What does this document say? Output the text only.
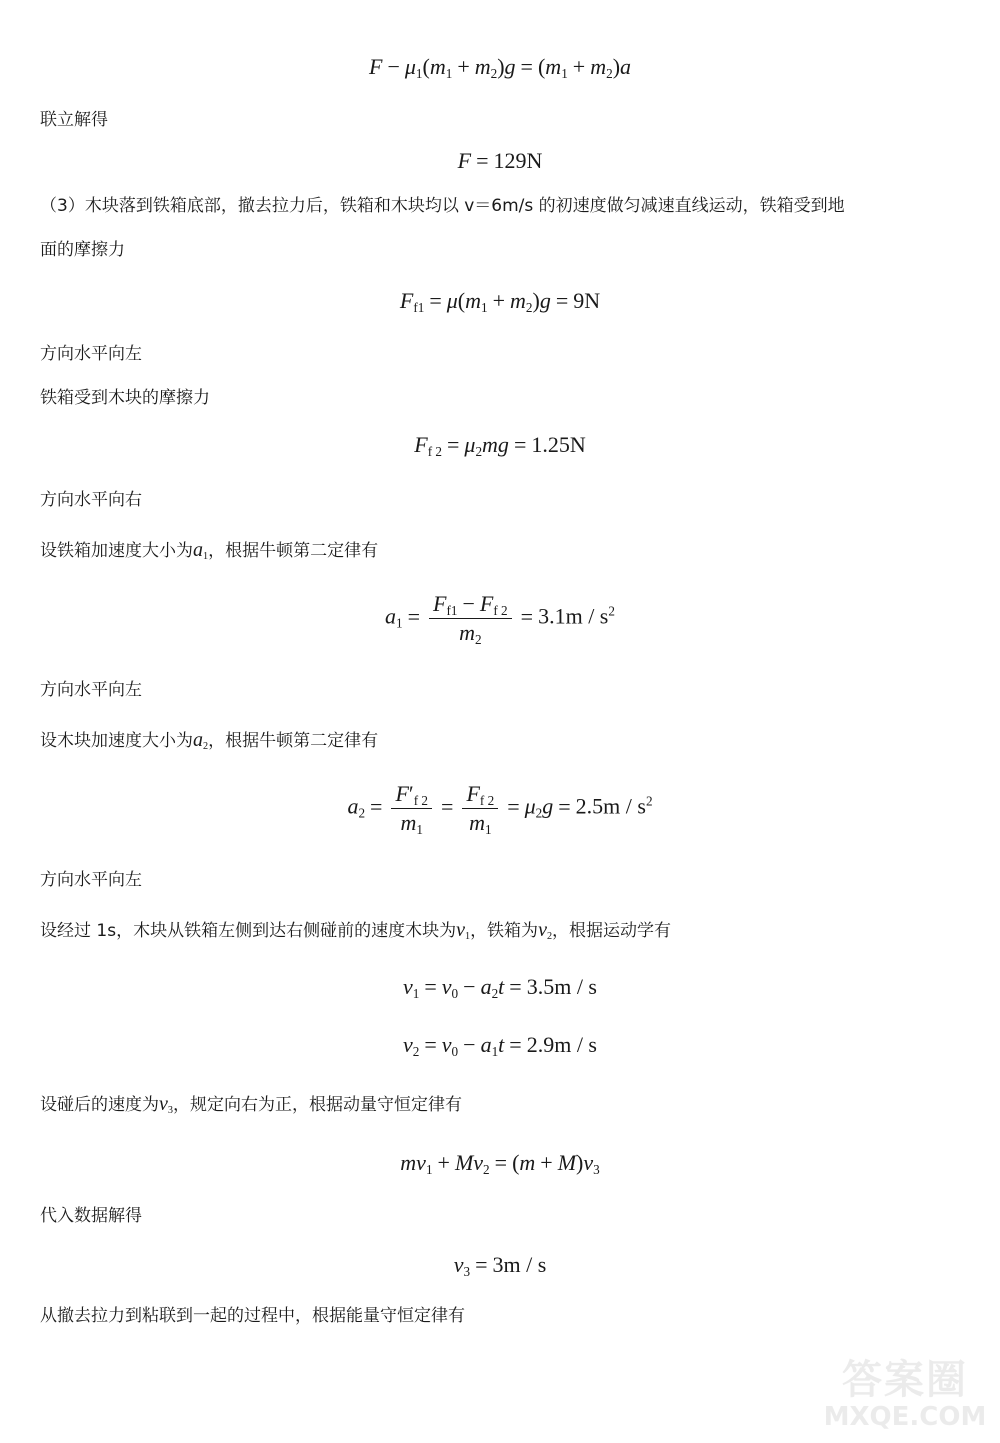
$F - \mu_1(m_1 + m_2)g = (m_1 + m_2)a$
联立解得
F = 129N
（3）木块落到铁箱底部，撤去拉力后，铁箱和木块均以 v＝6m/s 的初速度做匀减速直线运动，铁箱受到地
面的摩擦力
$F_{f1} = \mu(m_1 + m_2)g = 9N$
方向水平向左
铁箱受到木块的摩擦力
$F_{f 2} = \mu_2mg = 1.25N$
方向水平向右
设铁箱加速度大小为$a_1$，根据牛顿第二定律有
$a_1 = \frac{F_{f1} - F_{f 2}}{m_2} = 3.1m / s^2$
方向水平向左
设木块加速度大小为$a_2$，根据牛顿第二定律有
$a_2 = \frac{F'_{f 2}}{m_1} = \frac{F_{f 2}}{m_1} = \mu_2g = 2.5m / s^2$
方向水平向左
设经过 1s，木块从铁箱左侧到达右侧碰前的速度木块为$v_1$，铁箱为$v_2$，根据运动学有
$v_1 = v_0 - a_2t = 3.5m / s$
$v_2 = v_0 - a_1t = 2.9m / s$
设碰后的速度为$v_3$，规定向右为正，根据动量守恒定律有
$mv_1 + Mv_2 = (m + M)v_3$
代入数据解得
$v_3 = 3m / s$
从撤去拉力到粘联到一起的过程中，根据能量守恒定律有
答案圈
MXQE.COM
